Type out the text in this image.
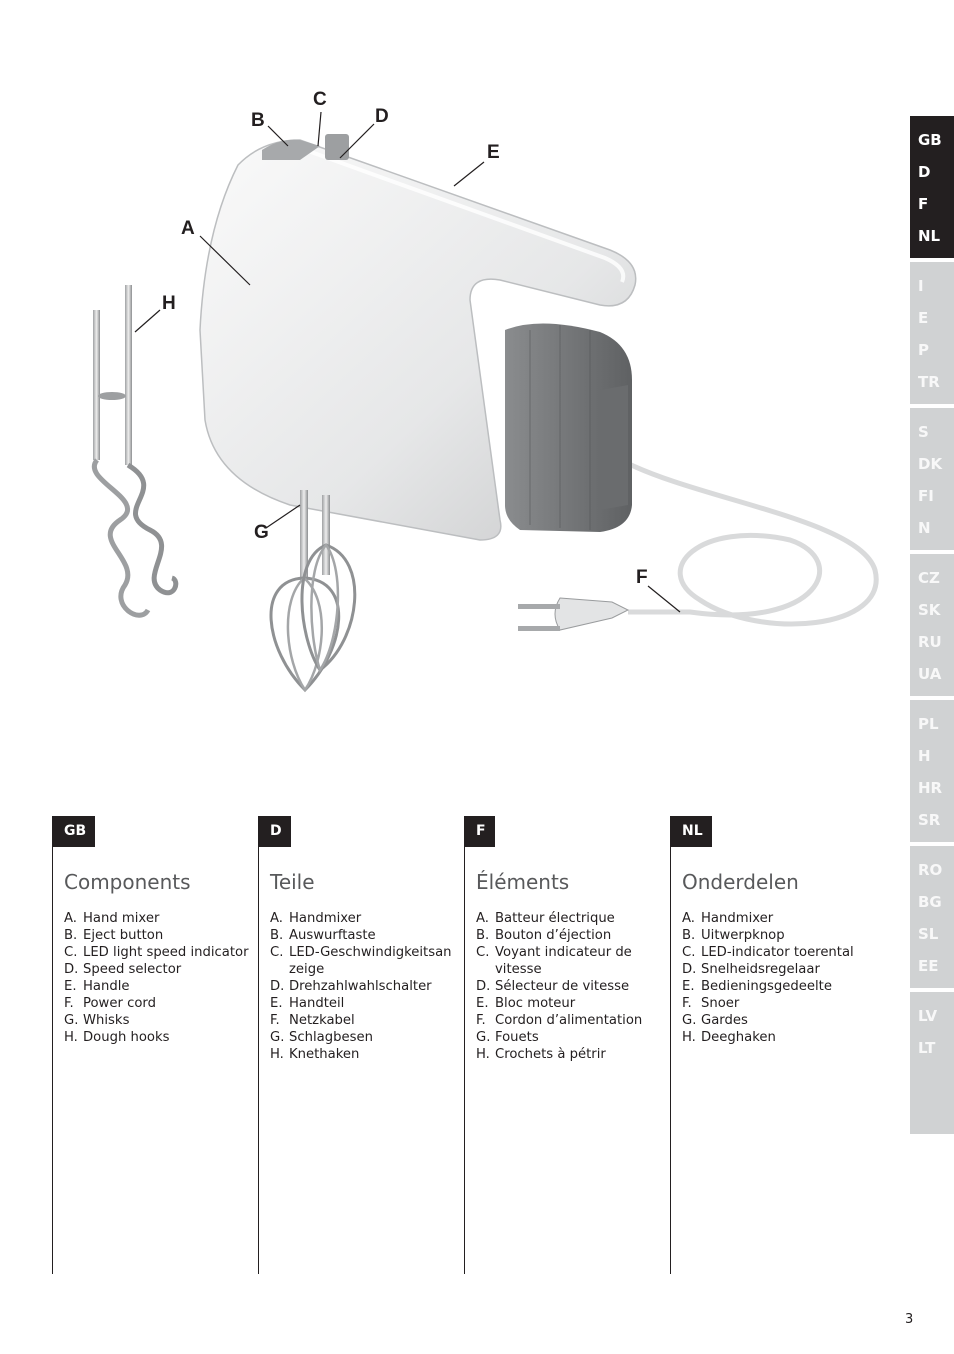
A
B
C
D
E
F
G
H
GB
D
F
NL
I
E
P
TR
S
DK
FI
N
CZ
SK
RU
UA
PL
H
HR
SR
RO
BG
SL
EE
LV
LT
GB
Components
A. Hand mixer
B. Eject button
C. LED light speed indicator
D. Speed selector
E. Handle
F. Power cord
G. Whisks
H. Dough hooks
D
Teile
A. Handmixer
B. Auswurftaste
C. LED-Geschwindigkeitsanzeige
D. Drehzahlwahlschalter
E. Handteil
F. Netzkabel
G. Schlagbesen
H. Knethaken
F
Éléments
A. Batteur électrique
B. Bouton d’éjection
C. Voyant indicateur de vitesse
D. Sélecteur de vitesse
E. Bloc moteur
F. Cordon d’alimentation
G. Fouets
H. Crochets à pétrir
NL
Onderdelen
A. Handmixer
B. Uitwerpknop
C. LED-indicator toerental
D. Snelheidsregelaar
E. Bedieningsgedeelte
F. Snoer
G. Gardes
H. Deeghaken
3
